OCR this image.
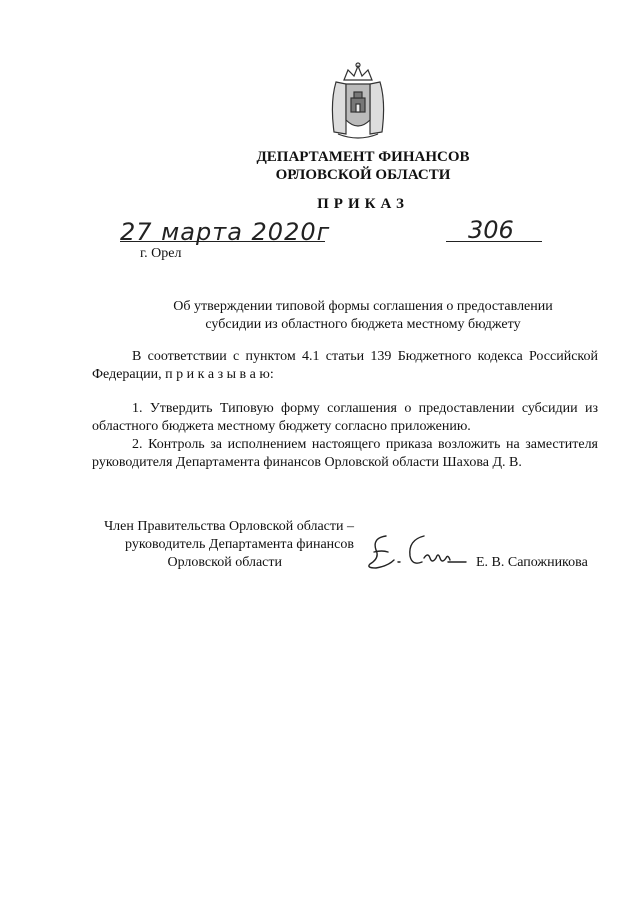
ДЕПАРТАМЕНТ ФИНАНСОВ
ОРЛОВСКОЙ ОБЛАСТИ
ПРИКАЗ
27 марта 2020г	306
г. Орел
Об утверждении типовой формы соглашения о предоставлении
субсидии из областного бюджета местному бюджету
В соответствии с пунктом 4.1 статьи 139 Бюджетного кодекса Российской Федерации, п р и к а з ы в а ю:
1. Утвердить Типовую форму соглашения о предоставлении субсидии из областного бюджета местному бюджету согласно приложению.
2. Контроль за исполнением настоящего приказа возложить на заместителя руководителя Департамента финансов Орловской области Шахова Д. В.
Член Правительства Орловской области –
руководитель Департамента финансов
Орловской области	Е. В. Сапожникова
